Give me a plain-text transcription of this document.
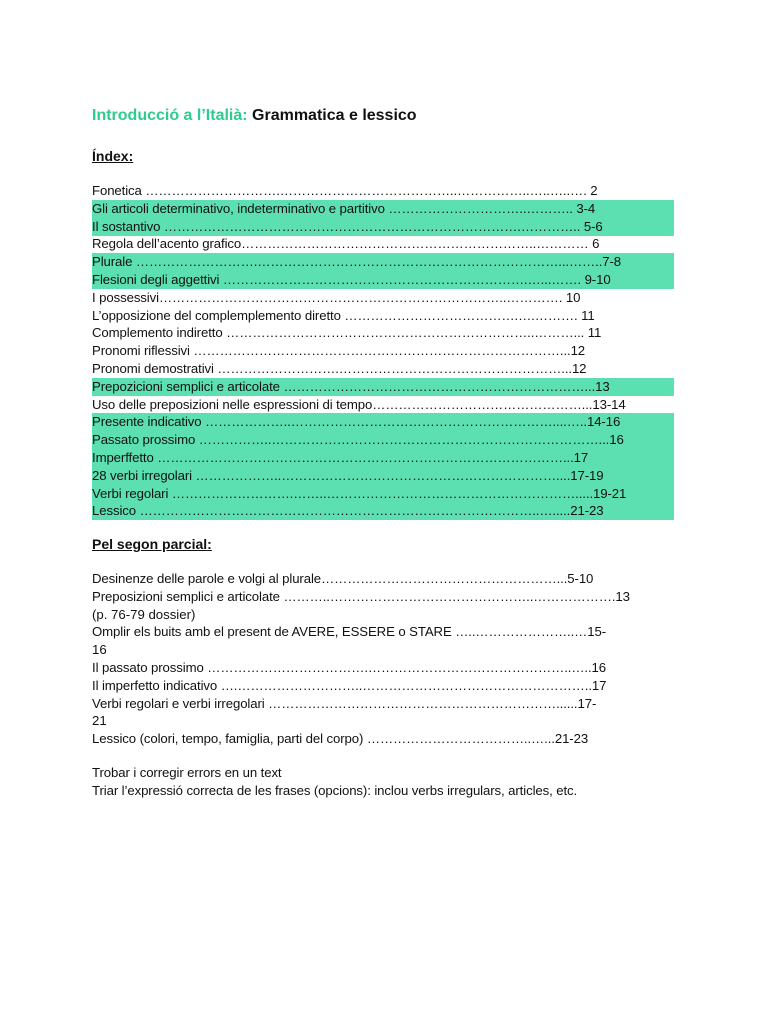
Introducció a l’Italià: Grammatica e lessico
Índex:
Fonetica ………………………….…………………………………..……………..…..…..…. 2
Gli articoli determinativo, indeterminativo e partitivo …………………………..……….. 3-4
Il sostantivo ……………………………………………………………………….………….. 5-6
Regola dell’acento grafico…………………………………………………………..………… 6
Plurale ……………………….……………………………………………………………...……..7-8
Flesioni degli aggettivi …………………………………………………………….…...……. 9-10
I possessivi……………………………………………………………………..…………. 10
L’opposizione del complemplemento diretto ………………………………….….………. 11
Complemento indiretto ……………………………………………………………..………... 11
Pronomi riflessivi …………………………………………………………………………...12
Pronomi demostrativi ……………………….……………………………………………...12
Prepozicioni semplici e articolate ……………………………………………………………...13
Uso delle preposizioni nelle espressioni di tempo…………………………………………...13-14
Presente indicativo ………………..……………………………………………………....…..14-16
Passato prossimo ……………..…………………………………………………………………...16
Imperffetto …………………………………………………………………………………...17
28 verbi irregolari ………………..………………………………………………………....17-19
Verbi regolari ……………………….……..………………………………………………….....19-21
Lessico ………………………………………………………………………………..….....21-23
Pel segon parcial:
Desinenze delle parole e volgi al plurale………………………………………………...5-10
Preposizioni semplici e articolate ………..………………………………………..……………….13
(p. 76-79 dossier)
Omplir els buits amb el present de AVERE, ESSERE o STARE …..…………………..…15-
16
Il passato prossimo ……………………………….………………………………………..…..16
Il imperfetto indicativo ….………………………..……………………………………………..17
Verbi regolari e verbi irregolari …………………………………………………………......17-
21
Lessico (colori, tempo, famiglia, parti del corpo) ………………………………..…...21-23
Trobar i corregir errors en un text
Triar l’expressió correcta de les frases (opcions): inclou verbs irregulars, articles, etc.
